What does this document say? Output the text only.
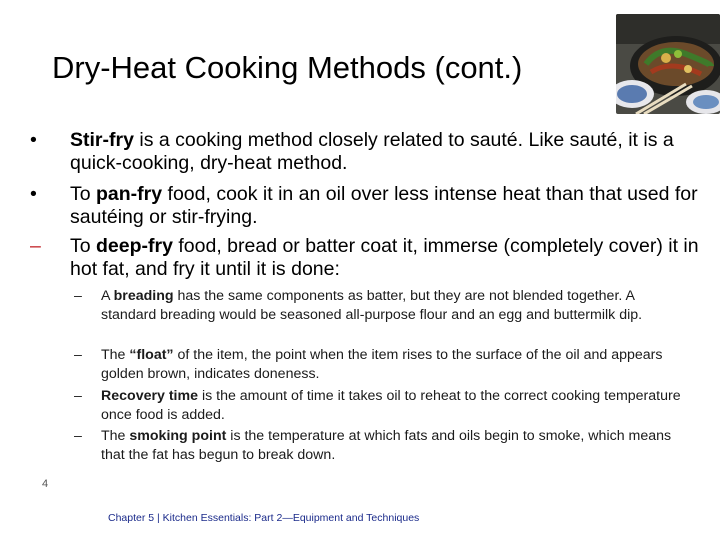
Dry-Heat Cooking Methods (cont.)
•	Stir-fry is a cooking method closely related to sauté. Like sauté, it is a quick-cooking, dry-heat method.
•	To pan-fry food, cook it in an oil over less intense heat than that used for sautéing or stir-frying.
–	To deep-fry food, bread or batter coat it, immerse (completely cover) it in hot fat, and fry it until it is done:
–	A breading has the same components as batter, but they are not blended together. A standard breading would be seasoned all-purpose flour and an egg and buttermilk dip.
–	The “float” of the item, the point when the item rises to the surface of the oil and appears golden brown, indicates doneness.
–	Recovery time is the amount of time it takes oil to reheat to the correct cooking temperature once food is added.
–	The smoking point is the temperature at which fats and oils begin to smoke, which means that the fat has begun to break down.
4
Chapter 5 | Kitchen Essentials: Part 2—Equipment and Techniques
